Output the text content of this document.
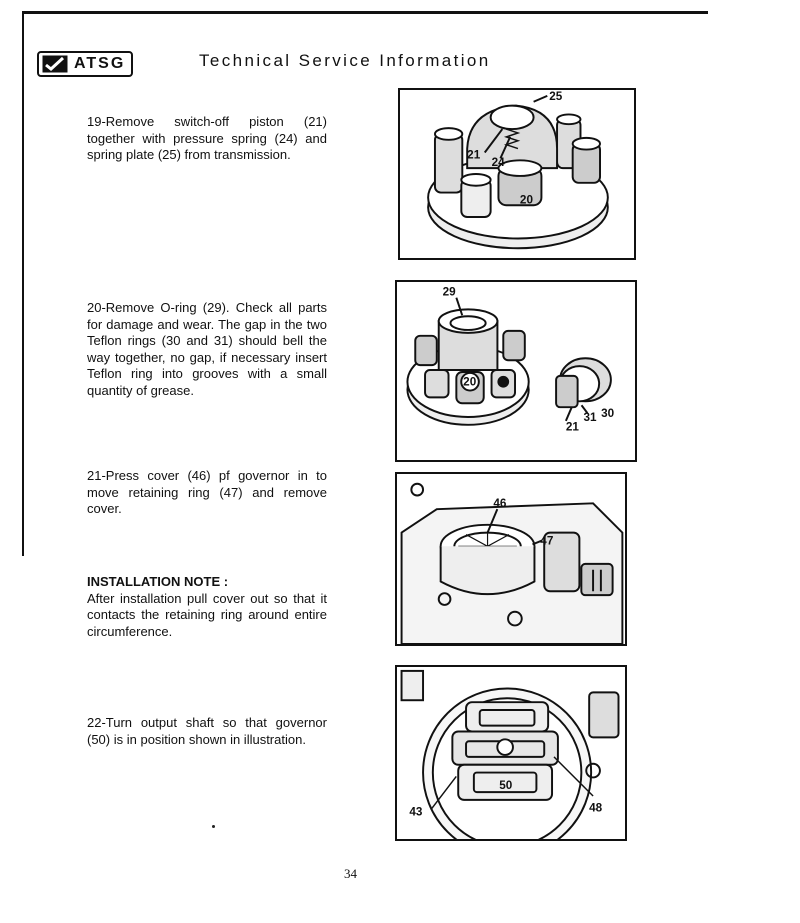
ATSG	Technical Service Information

19-Remove switch-off piston (21) together with pressure spring (24) and spring plate (25) from transmission.

20-Remove O-ring (29). Check all parts for damage and wear. The gap in the two Teflon rings (30 and 31) should bell the way together, no gap, if necessary insert Teflon ring into grooves with a small quantity of grease.

21-Press cover (46) pf governor in to move retaining ring (47) and remove cover.

INSTALLATION NOTE :

After installation pull cover out so that it contacts the retaining ring around entire circumference.

22-Turn output shaft so that governor (50) is in position shown in illustration.

25
21
24
20
29
20
31 30
21
46
47
43
50
48
34
